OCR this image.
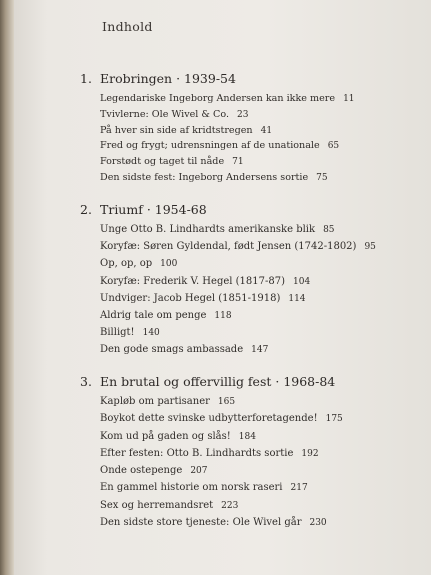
Indhold
1. Erobringen · 1939-54
Legendariske Ingeborg Andersen kan ikke mere 11
Tvivlerne: Ole Wivel & Co. 23
På hver sin side af kridtstregen 41
Fred og frygt; udrensningen af de unationale 65
Forstødt og taget til nåde 71
Den sidste fest: Ingeborg Andersens sortie 75
2. Triumf · 1954-68
Unge Otto B. Lindhardts amerikanske blik 85
Koryfæ: Søren Gyldendal, født Jensen (1742-1802) 95
Op, op, op 100
Koryfæ: Frederik V. Hegel (1817-87) 104
Undviger: Jacob Hegel (1851-1918) 114
Aldrig tale om penge 118
Billigt! 140
Den gode smags ambassade 147
3. En brutal og offervillig fest · 1968-84
Kapløb om partisaner 165
Boykot dette svinske udbytterforetagende! 175
Kom ud på gaden og slås! 184
Efter festen: Otto B. Lindhardts sortie 192
Onde ostepenge 207
En gammel historie om norsk raseri 217
Sex og herremandsret 223
Den sidste store tjeneste: Ole Wivel går 230
